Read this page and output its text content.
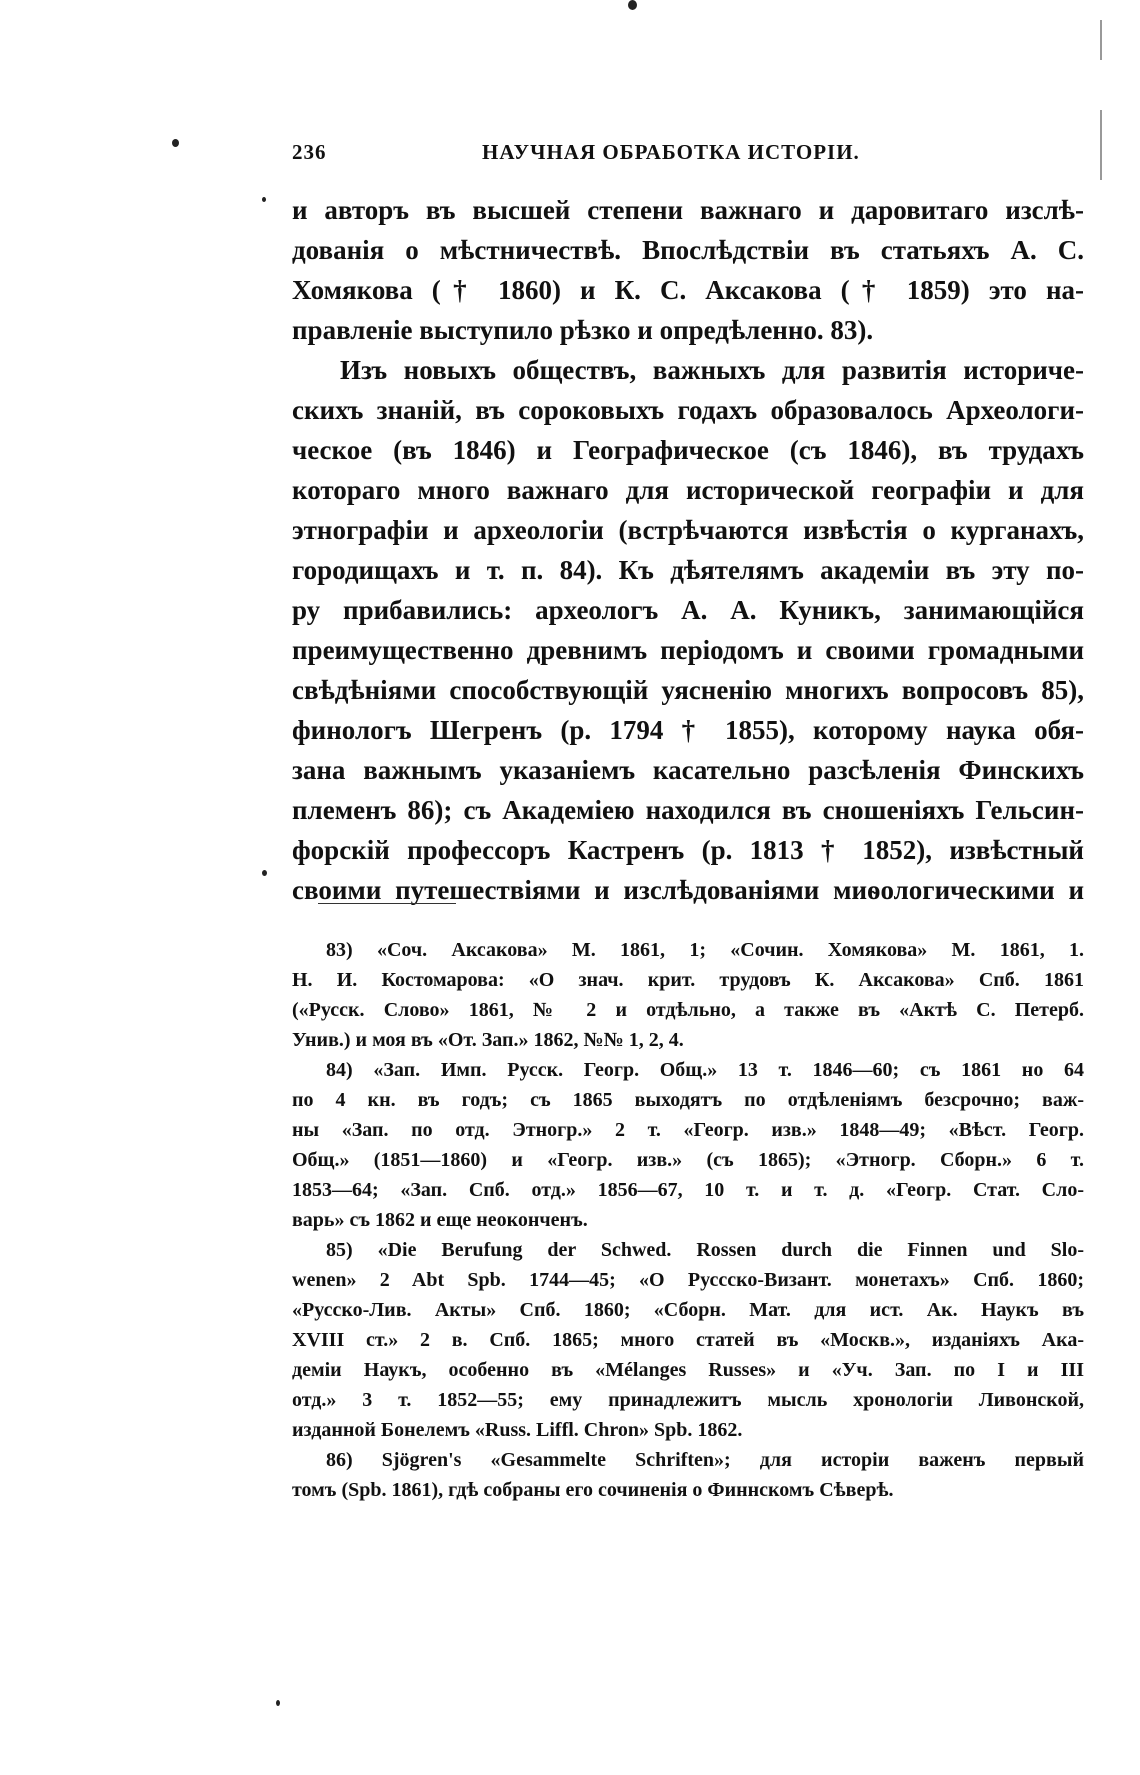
236	НАУЧНАЯ ОБРАБОТКА ИСТОРІИ.
и авторъ въ высшей степени важнаго и даровитаго изслѣ-
дованія о мѣстничествѣ. Впослѣдствіи въ статьяхъ А. С.
Хомякова († 1860) и К. С. Аксакова († 1859) это на-
правленіе выступило рѣзко и опредѣленно. 83).
Изъ новыхъ обществъ, важныхъ для развитія историче-
скихъ знаній, въ сороковыхъ годахъ образовалось Археологи-
ческое (въ 1846) и Географическое (съ 1846), въ трудахъ
котораго много важнаго для исторической географіи и для
этнографіи и археологіи (встрѣчаются извѣстія о курганахъ,
городищахъ и т. п. 84). Къ дѣятелямъ академіи въ эту по-
ру прибавились: археологъ А. А. Куникъ, занимающійся
преимущественно древнимъ періодомъ и своими громадными
свѣдѣніями способствующій уясненію многихъ вопросовъ 85),
финологъ Шегренъ (р. 1794 † 1855), которому наука обя-
зана важнымъ указаніемъ касательно разсѣленія Финскихъ
племенъ 86); съ Академіею находился въ сношеніяхъ Гельсин-
форскій профессоръ Кастренъ (р. 1813 † 1852), извѣстный
своими путешествіями и изслѣдованіями миѳологическими и
83) «Соч. Аксакова» М. 1861, 1; «Сочин. Хомякова» М. 1861, 1.
Н. И. Костомарова: «О знач. крит. трудовъ К. Аксакова» Спб. 1861
(«Русск. Слово» 1861, № 2 и отдѣльно, а также въ «Актѣ С. Петерб.
Унив.) и моя въ «От. Зап.» 1862, №№ 1, 2, 4.
84) «Зап. Имп. Русск. Геогр. Общ.» 13 т. 1846—60; съ 1861 но 64
по 4 кн. въ годъ; съ 1865 выходятъ по отдѣленіямъ безсрочно; важ-
ны «Зап. по отд. Этногр.» 2 т. «Геогр. изв.» 1848—49; «Вѣст. Геогр.
Общ.» (1851—1860) и «Геогр. изв.» (съ 1865); «Этногр. Сборн.» 6 т.
1853—64; «Зап. Спб. отд.» 1856—67, 10 т. и т. д. «Геогр. Стат. Сло-
варь» съ 1862 и еще неоконченъ.
85) «Die Berufung der Schwed. Rossen durch die Finnen und Slo-
wenen» 2 Abt Spb. 1744—45; «О Руссско-Визант. монетахъ» Спб. 1860;
«Русско-Лив. Акты» Спб. 1860; «Сборн. Мат. для ист. Ак. Наукъ въ
XVIII ст.» 2 в. Спб. 1865; много статей въ «Москв.», изданіяхъ Ака-
деміи Наукъ, особенно въ «Mélanges Russes» и «Уч. Зап. по I и III
отд.» 3 т. 1852—55; ему принадлежитъ мысль хронологіи Ливонской,
изданной Бонелемъ «Russ. Liffl. Chron» Spb. 1862.
86) Sjögren's «Gesammelte Schriften»; для исторіи важенъ первый
томъ (Spb. 1861), гдѣ собраны его сочиненія о Финнскомъ Сѣверѣ.
